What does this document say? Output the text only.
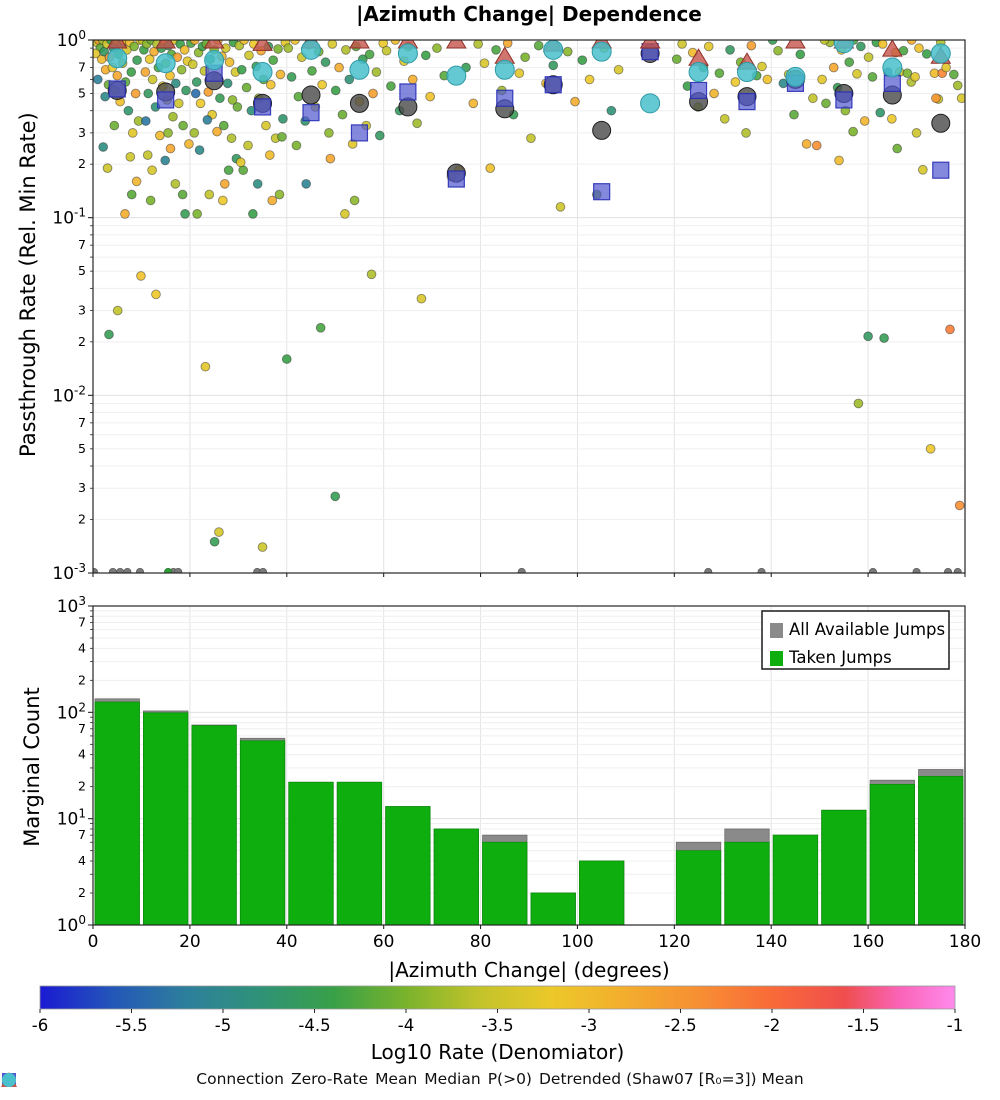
$10^0$
$10^{-1}$
$10^{-2}$
$10^{-3}$
7
5
3
2
7
5
3
2
7
5
3
2
$10^3$
$10^2$
$10^1$
$10^0$
7
4
2
7
4
2
7
4
2
0	20	40	60	80	100	120	140	160	180
All Available Jumps
Taken Jumps
-6	-5.5	-5	-4.5	-4	-3.5	-3	-2.5	-2	-1.5	-1
|Azimuth Change| Dependence
Passthrough Rate (Rel. Min Rate)
Marginal Count
|Azimuth Change| (degrees)
Log10 Rate (Denomiator)
Connection Zero-Rate Mean Median P(>0) Detrended (Shaw07 [R₀=3]) Mean
